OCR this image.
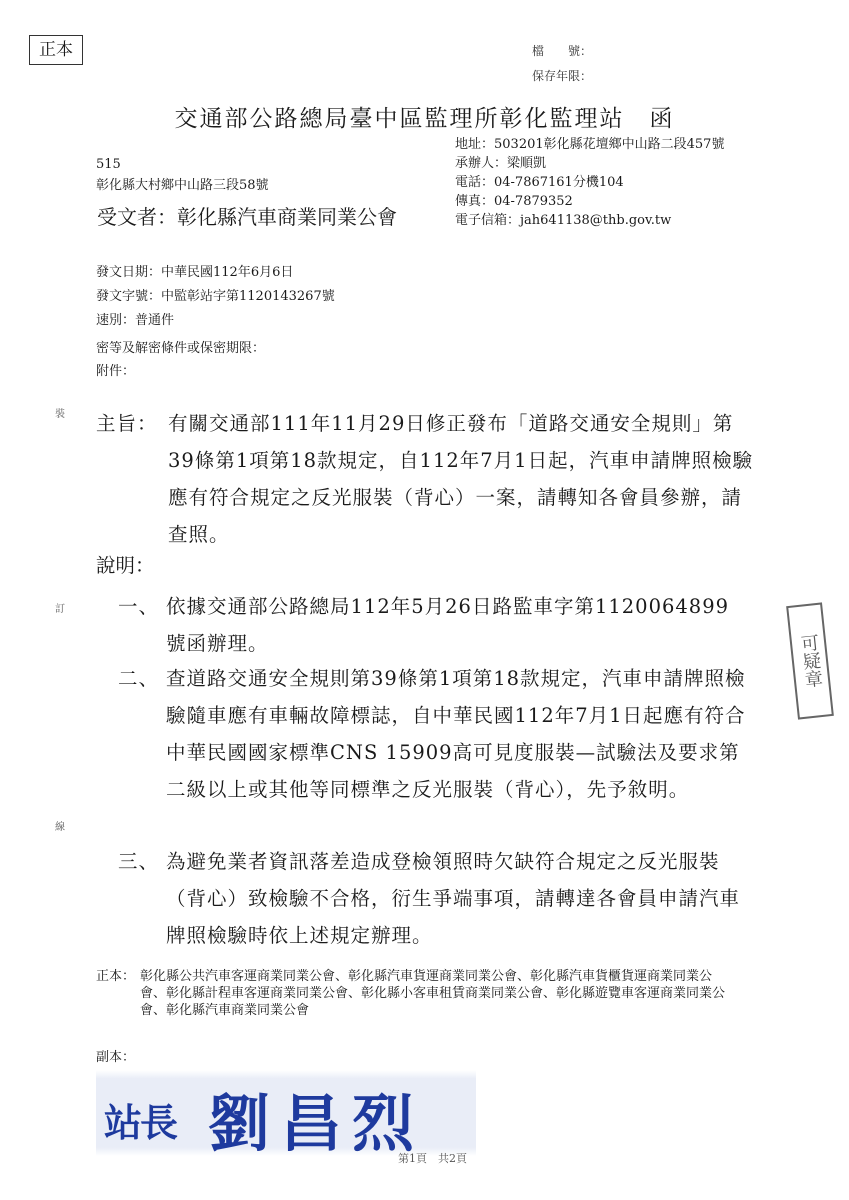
正本	檔　　號：
保存年限：
交通部公路總局臺中區監理所彰化監理站　函
地址：503201彰化縣花壇鄉中山路二段457號
承辦人：梁順凱
電話：04-7867161分機104
傳真：04-7879352
電子信箱：jah641138@thb.gov.tw
515
彰化縣大村鄉中山路三段58號
受文者： 彰化縣汽車商業同業公會
發文日期：中華民國112年6月6日
發文字號：中監彰站字第1120143267號
速別：普通件
密等及解密條件或保密期限：
附件：
裝
訂
線
主旨： 有關交通部111年11月29日修正發布「道路交通安全規則」第39條第1項第18款規定，自112年7月1日起，汽車申請牌照檢驗應有符合規定之反光服裝（背心）一案，請轉知各會員參辦，請查照。
說明：
一、 依據交通部公路總局112年5月26日路監車字第1120064899號函辦理。
二、 查道路交通安全規則第39條第1項第18款規定，汽車申請牌照檢驗隨車應有車輛故障標誌，自中華民國112年7月1日起應有符合中華民國國家標準CNS 15909高可見度服裝—試驗法及要求第二級以上或其他等同標準之反光服裝（背心），先予敘明。
三、 為避免業者資訊落差造成登檢領照時欠缺符合規定之反光服裝（背心）致檢驗不合格，衍生爭端事項，請轉達各會員申請汽車牌照檢驗時依上述規定辦理。
可疑章
正本： 彰化縣公共汽車客運商業同業公會、彰化縣汽車貨運商業同業公會、彰化縣汽車貨櫃貨運商業同業公會、彰化縣計程車客運商業同業公會、彰化縣小客車租賃商業同業公會、彰化縣遊覽車客運商業同業公會、彰化縣汽車商業同業公會
副本：
站長 劉昌烈
第1頁　共2頁
